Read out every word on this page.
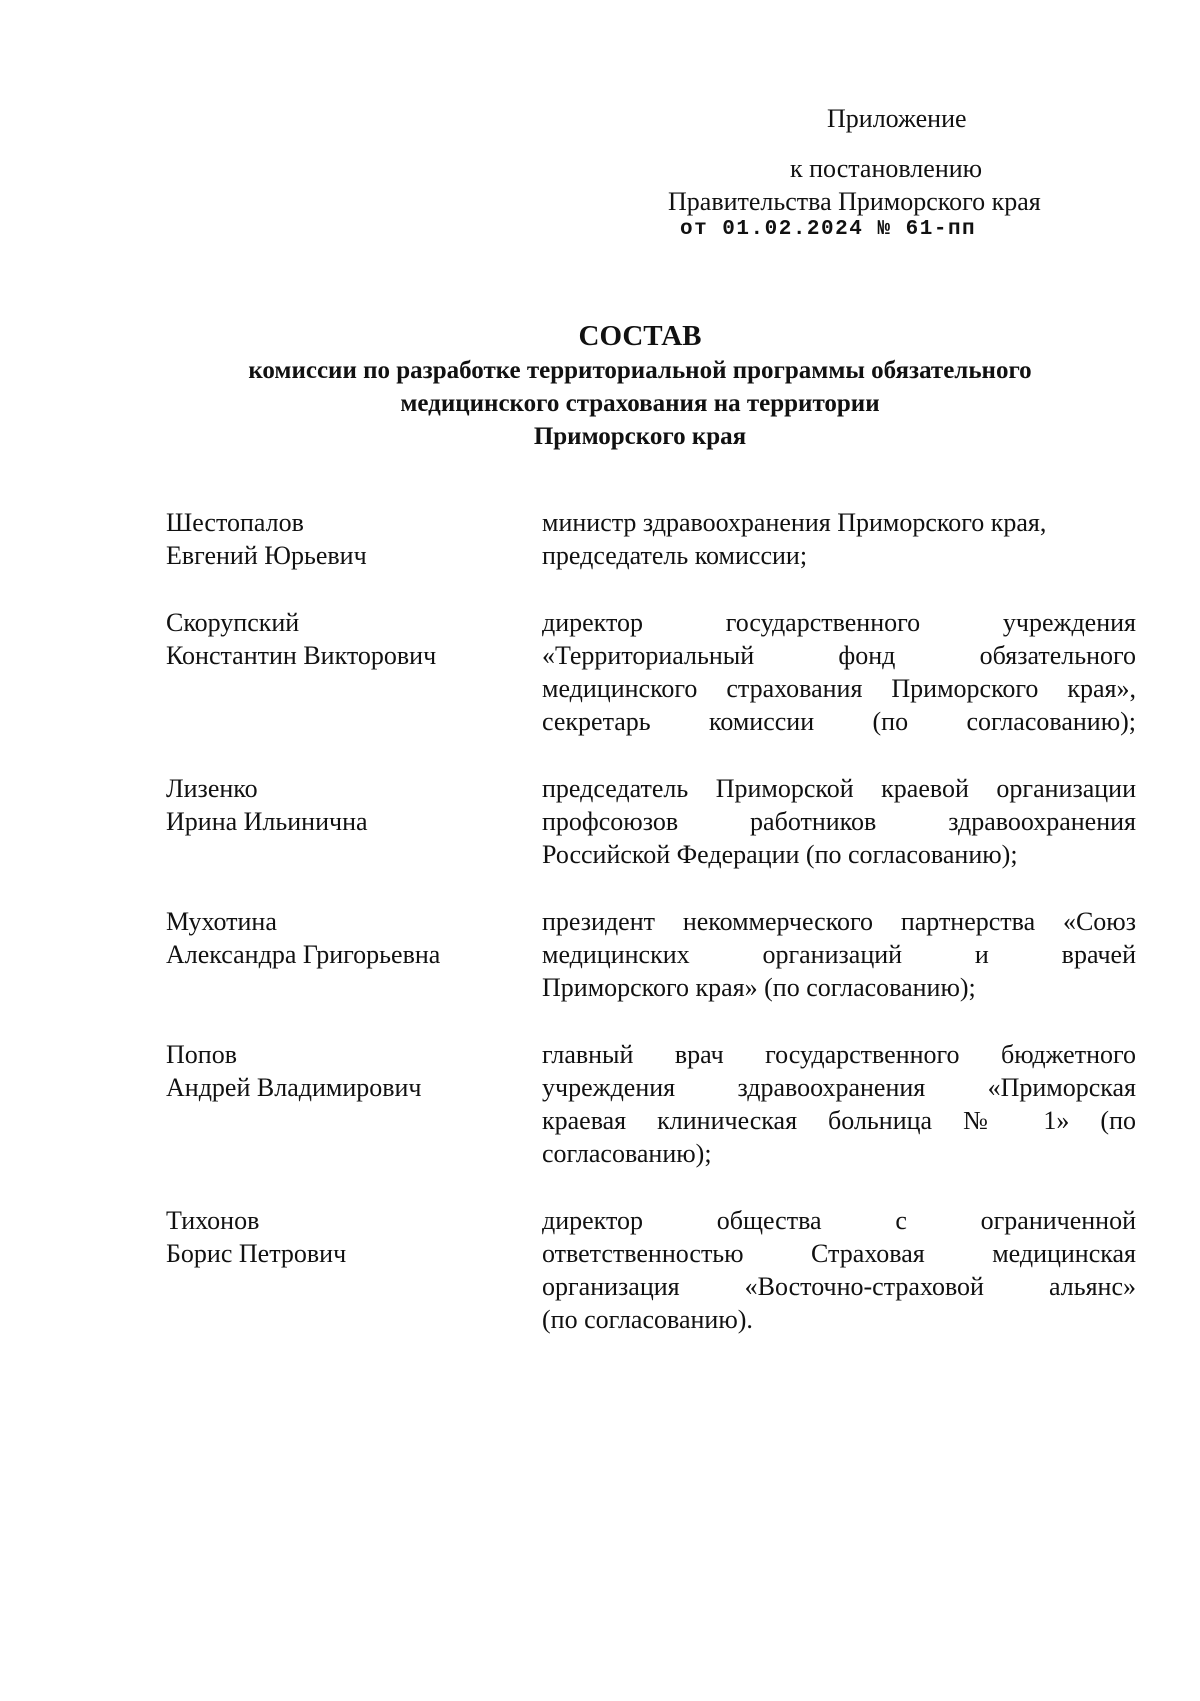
Приложение
к постановлению
Правительства Приморского края
от 01.02.2024 № 61-пп
СОСТАВ
комиссии по разработке территориальной программы обязательного
медицинского страхования на территории
Приморского края
Шестопалов
Евгений Юрьевич
министр здравоохранения Приморского края,
председатель комиссии;
Скорупский
Константин Викторович
директор государственного учреждения
«Территориальный фонд обязательного
медицинского страхования Приморского края»,
секретарь комиссии (по согласованию);
Лизенко
Ирина Ильинична
председатель Приморской краевой организации
профсоюзов работников здравоохранения
Российской Федерации (по согласованию);
Мухотина
Александра Григорьевна
президент некоммерческого партнерства «Союз
медицинских организаций и врачей
Приморского края» (по согласованию);
Попов
Андрей Владимирович
главный врач государственного бюджетного
учреждения здравоохранения «Приморская
краевая клиническая больница № 1» (по
согласованию);
Тихонов
Борис Петрович
директор общества с ограниченной
ответственностью Страховая медицинская
организация «Восточно-страховой альянс»
(по согласованию).
